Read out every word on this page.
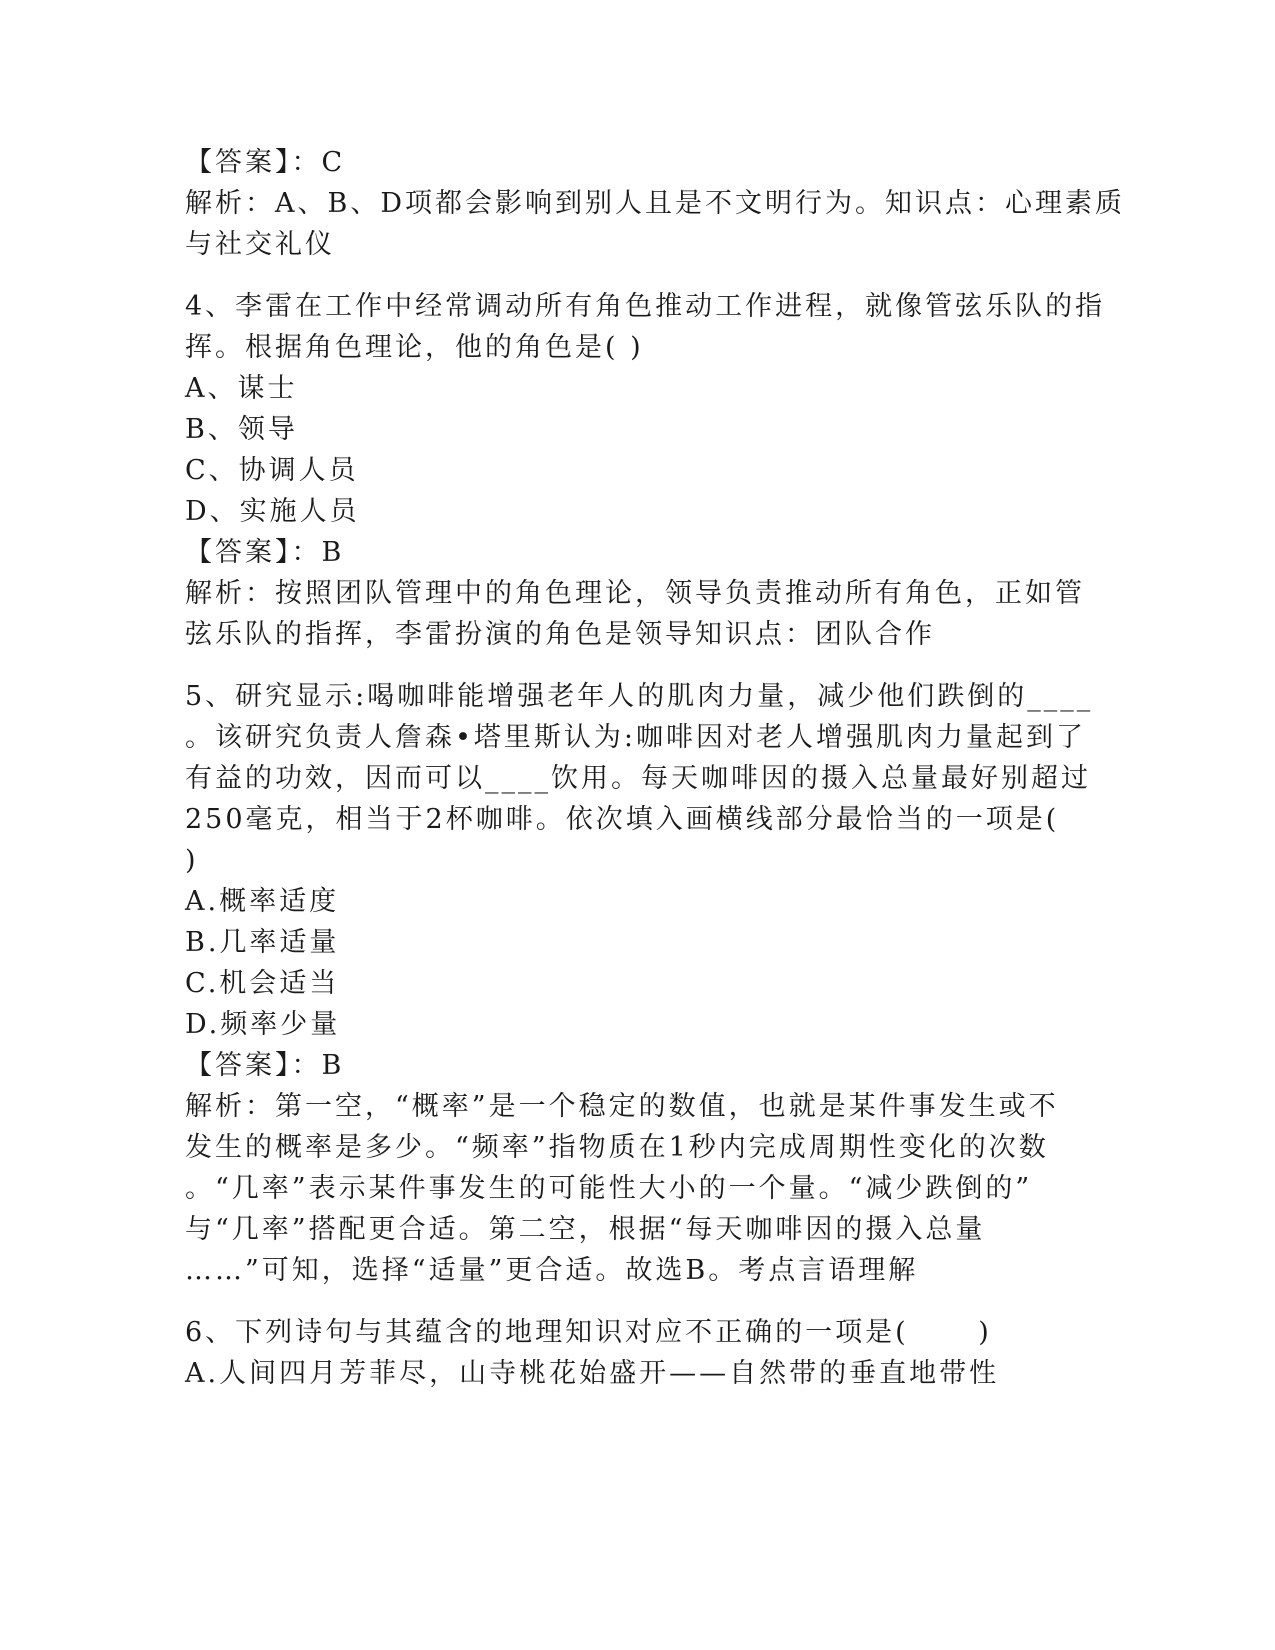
【答案】：C
解析：A、B、D项都会影响到别人且是不文明行为。知识点：心理素质
与社交礼仪
4、李雷在工作中经常调动所有角色推动工作进程，就像管弦乐队的指
挥。根据角色理论，他的角色是( )
A、谋士
B、领导
C、协调人员
D、实施人员
【答案】：B
解析：按照团队管理中的角色理论，领导负责推动所有角色，正如管
弦乐队的指挥，李雷扮演的角色是领导知识点：团队合作
5、研究显示:喝咖啡能增强老年人的肌肉力量，减少他们跌倒的____
。该研究负责人詹森•塔里斯认为:咖啡因对老人增强肌肉力量起到了
有益的功效，因而可以____饮用。每天咖啡因的摄入总量最好别超过
250毫克，相当于2杯咖啡。依次填入画横线部分最恰当的一项是(
)
A.概率适度
B.几率适量
C.机会适当
D.频率少量
【答案】：B
解析：第一空，“概率”是一个稳定的数值，也就是某件事发生或不
发生的概率是多少。“频率”指物质在1秒内完成周期性变化的次数
。“几率”表示某件事发生的可能性大小的一个量。“减少跌倒的”
与“几率”搭配更合适。第二空，根据“每天咖啡因的摄入总量
……”可知，选择“适量”更合适。故选B。考点言语理解
6、下列诗句与其蕴含的地理知识对应不正确的一项是(      )
A.人间四月芳菲尽，山寺桃花始盛开——自然带的垂直地带性
